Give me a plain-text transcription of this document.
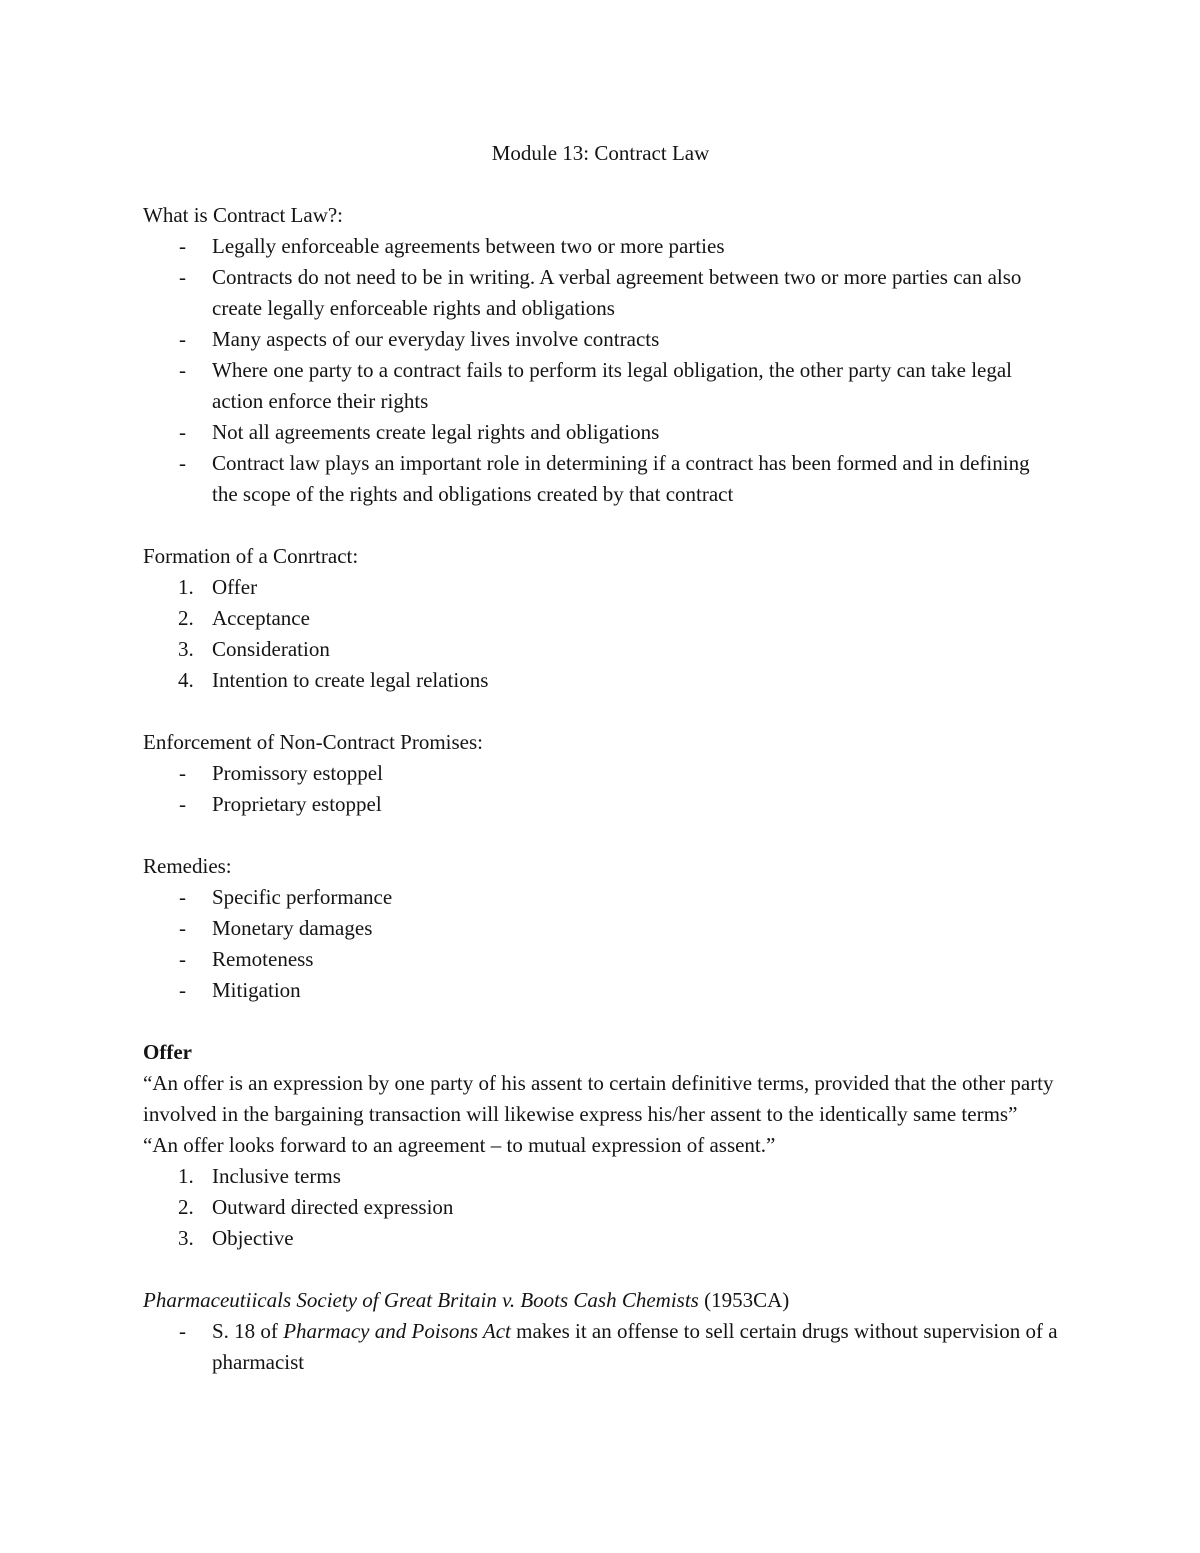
Module 13: Contract Law
What is Contract Law?:
- Legally enforceable agreements between two or more parties
- Contracts do not need to be in writing. A verbal agreement between two or more parties can also create legally enforceable rights and obligations
- Many aspects of our everyday lives involve contracts
- Where one party to a contract fails to perform its legal obligation, the other party can take legal action enforce their rights
- Not all agreements create legal rights and obligations
- Contract law plays an important role in determining if a contract has been formed and in defining the scope of the rights and obligations created by that contract
Formation of a Conrtract:
1. Offer
2. Acceptance
3. Consideration
4. Intention to create legal relations
Enforcement of Non-Contract Promises:
- Promissory estoppel
- Proprietary estoppel
Remedies:
- Specific performance
- Monetary damages
- Remoteness
- Mitigation
Offer
“An offer is an expression by one party of his assent to certain definitive terms, provided that the other party involved in the bargaining transaction will likewise express his/her assent to the identically same terms”
“An offer looks forward to an agreement – to mutual expression of assent.”
1. Inclusive terms
2. Outward directed expression
3. Objective
Pharmaceutiicals Society of Great Britain v. Boots Cash Chemists (1953CA)
- S. 18 of Pharmacy and Poisons Act makes it an offense to sell certain drugs without supervision of a pharmacist
